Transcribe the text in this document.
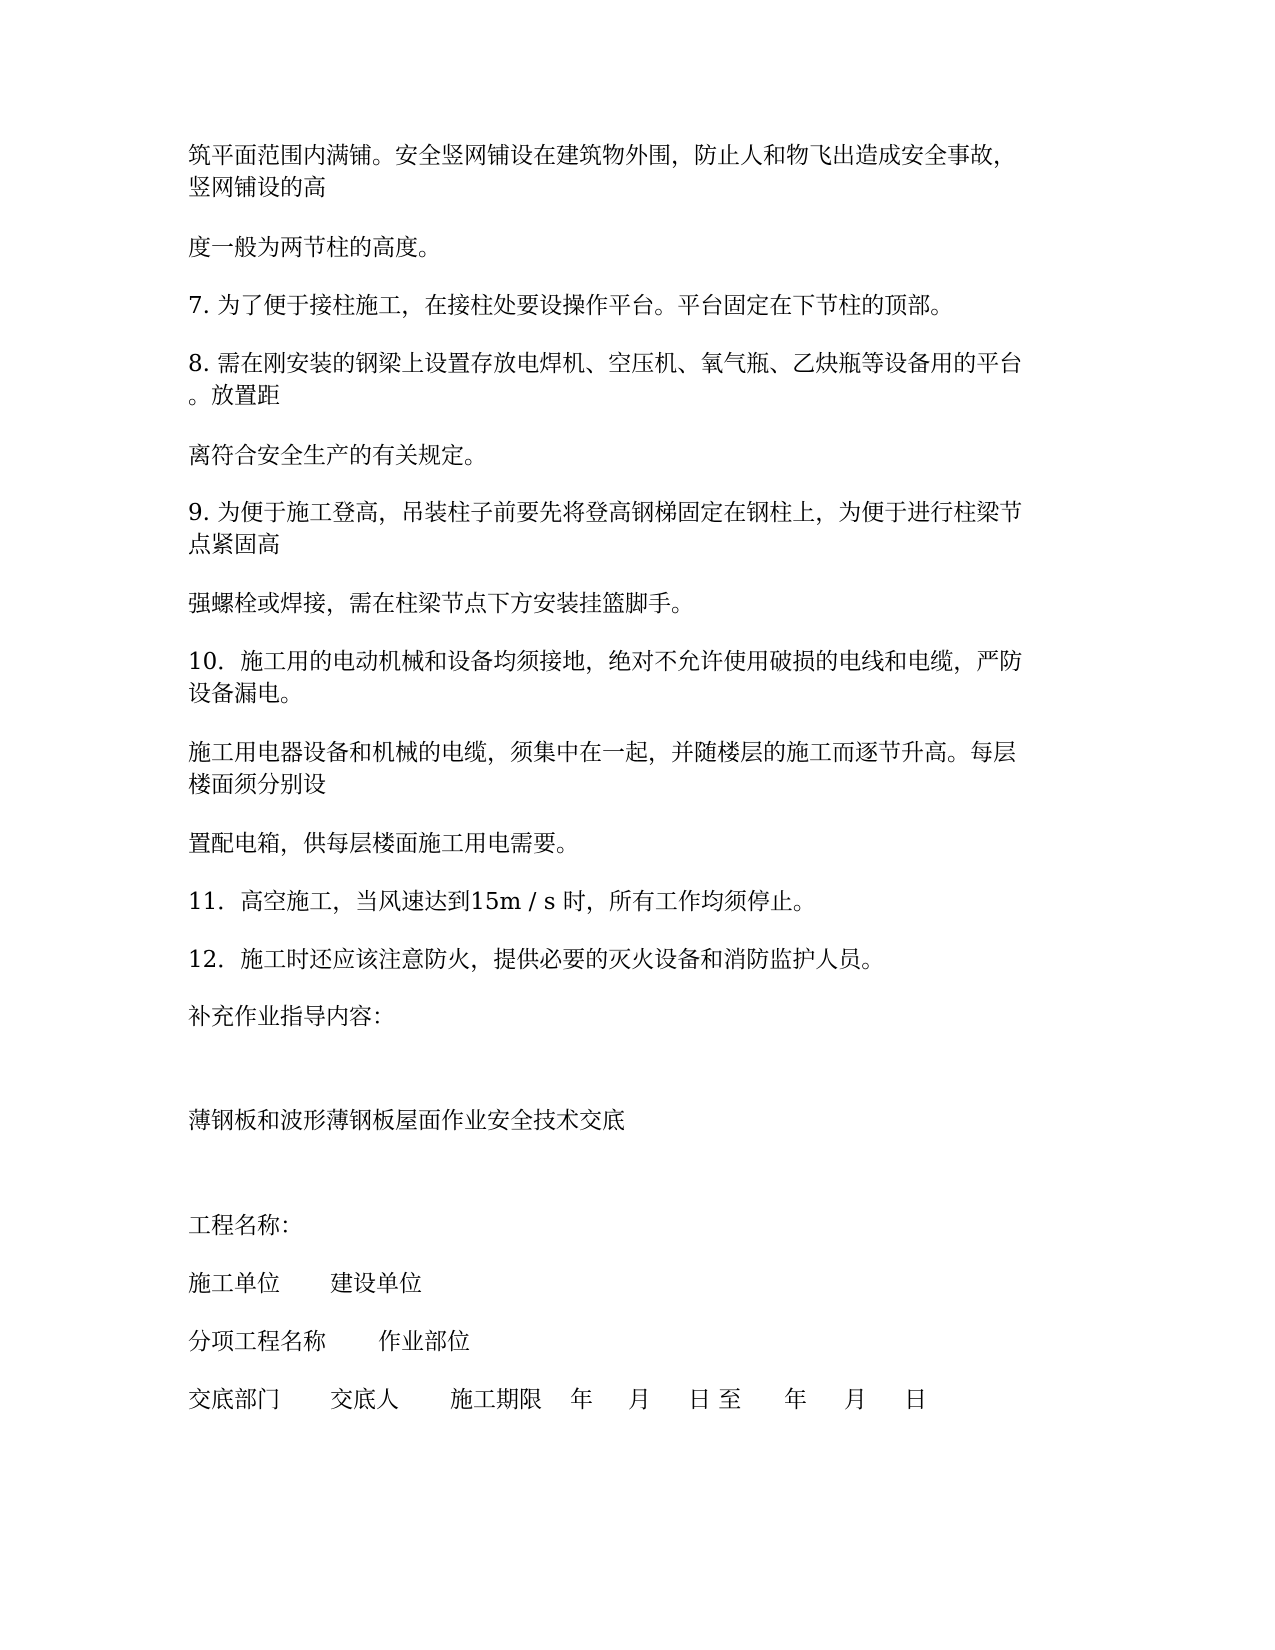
筑平面范围内满铺。安全竖网铺设在建筑物外围，防止人和物飞出造成安全事故，
竖网铺设的高

度一般为两节柱的高度。

7. 为了便于接柱施工，在接柱处要设操作平台。平台固定在下节柱的顶部。

8. 需在刚安装的钢梁上设置存放电焊机、空压机、氧气瓶、乙炔瓶等设备用的平台
。放置距

离符合安全生产的有关规定。

9. 为便于施工登高，吊装柱子前要先将登高钢梯固定在钢柱上，为便于进行柱梁节
点紧固高

强螺栓或焊接，需在柱梁节点下方安装挂篮脚手。

10．施工用的电动机械和设备均须接地，绝对不允许使用破损的电线和电缆，严防
设备漏电。

施工用电器设备和机械的电缆，须集中在一起，并随楼层的施工而逐节升高。每层
楼面须分别设

置配电箱，供每层楼面施工用电需要。

11．高空施工，当风速达到15m / s 时，所有工作均须停止。

12．施工时还应该注意防火，提供必要的灭火设备和消防监护人员。

补充作业指导内容：

薄钢板和波形薄钢板屋面作业安全技术交底

工程名称：

施工单位 建设单位
分项工程名称 作业部位
交底部门 交底人 施工期限 年 月 日 至 年 月 日
